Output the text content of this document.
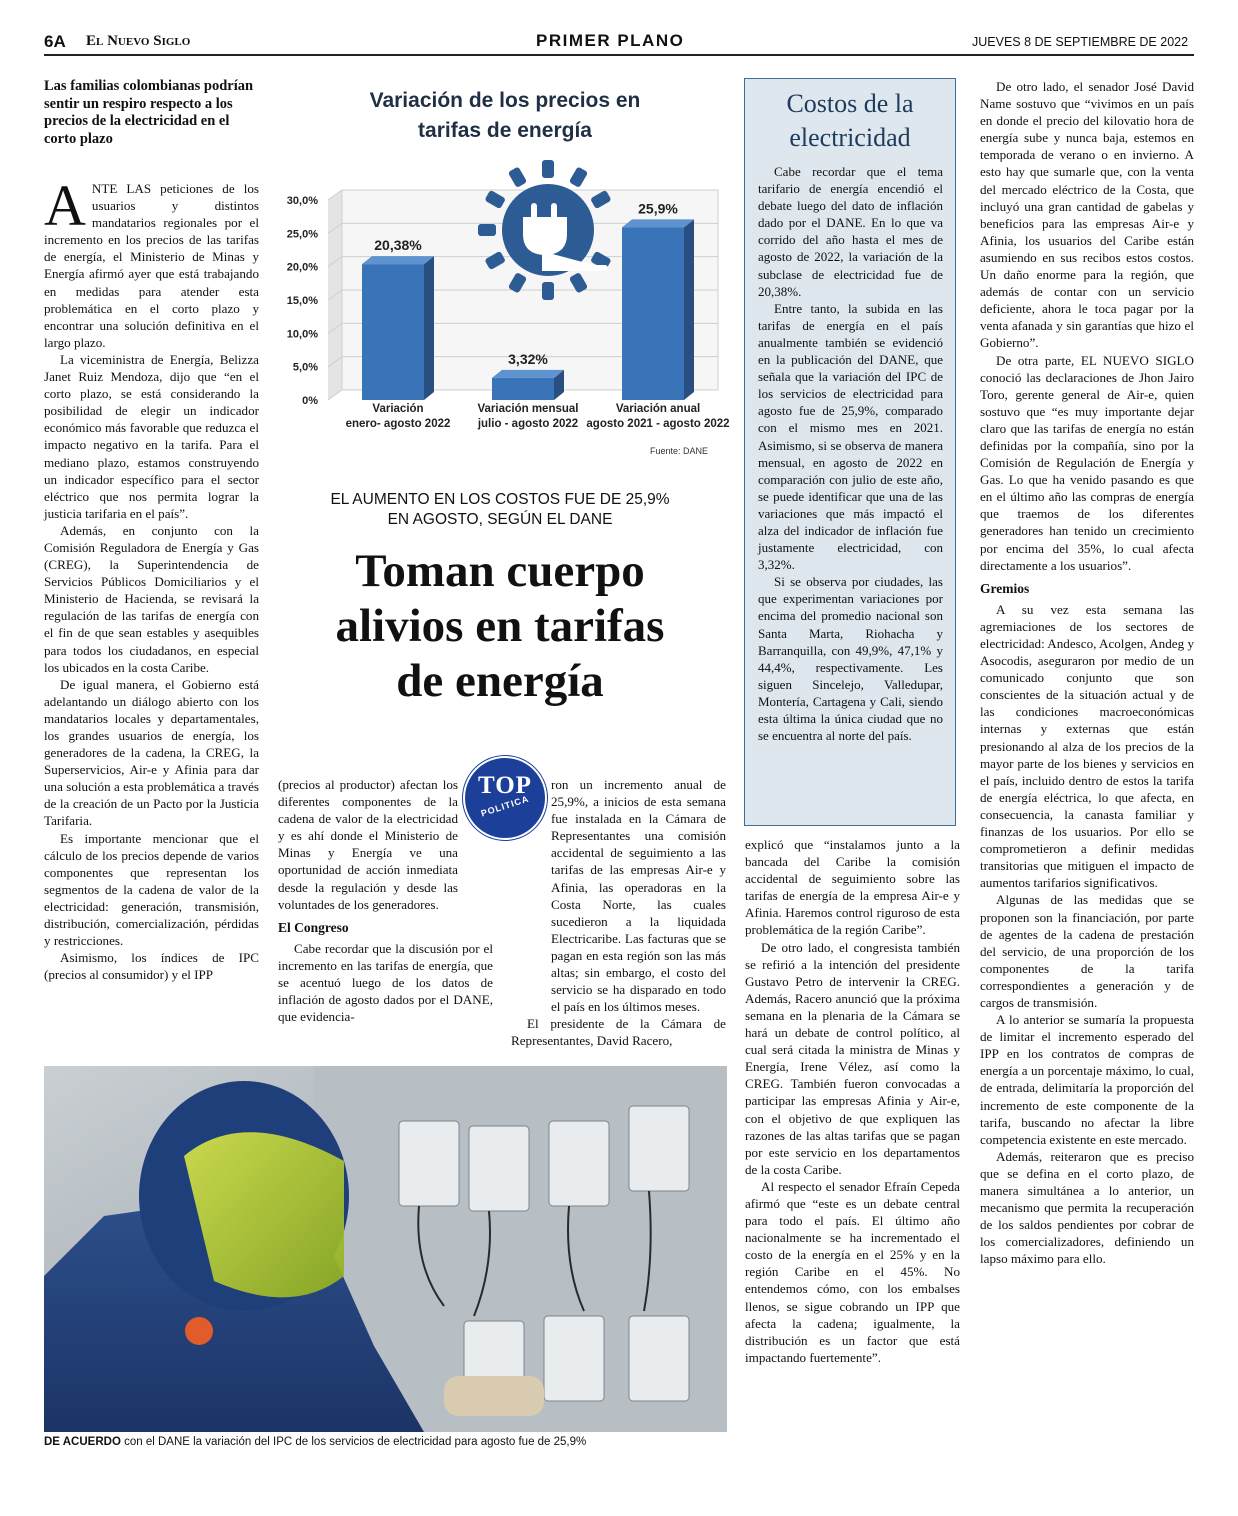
6A El Nuevo Siglo	PRIMER PLANO	JUEVES 8 DE SEPTIEMBRE DE 2022
Las familias colombianas podrían sentir un respiro respecto a los precios de la electricidad en el corto plazo

ANTE LAS peticiones de los usuarios y distintos mandatarios regionales por el incremento en los precios de las tarifas de energía, el Ministerio de Minas y Energía afirmó ayer que está trabajando en medidas para atender esta problemática en el corto plazo y encontrar una solución definitiva en el largo plazo.

La viceministra de Energía, Belizza Janet Ruiz Mendoza, dijo que “en el corto plazo, se está considerando la posibilidad de elegir un indicador económico más favorable que reduzca el impacto negativo en la tarifa. Para el mediano plazo, estamos construyendo un indicador específico para el sector eléctrico que nos permita lograr la justicia tarifaria en el país”.

Además, en conjunto con la Comisión Reguladora de Energía y Gas (CREG), la Superintendencia de Servicios Públicos Domiciliarios y el Ministerio de Hacienda, se revisará la regulación de las tarifas de energía con el fin de que sean estables y asequibles para todos los ciudadanos, en especial los ubicados en la costa Caribe.

De igual manera, el Gobierno está adelantando un diálogo abierto con los mandatarios locales y departamentales, los grandes usuarios de energía, los generadores de la cadena, la CREG, la Superservicios, Air-e y Afinia para dar una solución a esta problemática a través de la creación de un Pacto por la Justicia Tarifaria.

Es importante mencionar que el cálculo de los precios depende de varios componentes que representan los segmentos de la cadena de valor de la electricidad: generación, transmisión, distribución, comercialización, pérdidas y restricciones.

Asimismo, los índices de IPC (precios al consumidor) y el IPP

Variación de los precios en tarifas de energía
0%
5,0%
10,0%
15,0%
20,0%
25,0%
30,0%
20,38%
Variación
enero- agosto 2022
3,32%
Variación mensual
julio - agosto 2022
25,9%
Variación anual
agosto 2021 - agosto 2022
Fuente: DANE
EL AUMENTO EN LOS COSTOS FUE DE 25,9%
EN AGOSTO, SEGÚN EL DANE
Toman cuerpo
alivios en tarifas
de energía
TOP
POLITICA

(precios al productor) afectan los diferentes componentes de la cadena de valor de la electricidad y es ahí donde el Ministerio de Minas y Energía ve una oportunidad de acción inmediata desde la regulación y desde las voluntades de los generadores.

El Congreso

Cabe recordar que la discusión por el incremento en las tarifas de energía, que se acentuó luego de los datos de inflación de agosto dados por el DANE, que evidencia-

ron un incremento anual de 25,9%, a inicios de esta semana fue instalada en la Cámara de Representantes una comisión accidental de seguimiento a las tarifas de las empresas Air-e y Afinia, las operadoras en la Costa Norte, las cuales sucedieron a la liquidada Electricaribe. Las facturas que se pagan en esta región son las más altas; sin embargo, el costo del servicio se ha disparado en todo el país en los últimos meses.

El presidente de la Cámara de Representantes, David Racero,

Costos de la
electricidad

Cabe recordar que el tema tarifario de energía encendió el debate luego del dato de inflación dado por el DANE. En lo que va corrido del año hasta el mes de agosto de 2022, la variación de la subclase de electricidad fue de 20,38%.

Entre tanto, la subida en las tarifas de energía en el país anualmente también se evidenció en la publicación del DANE, que señala que la variación del IPC de los servicios de electricidad para agosto fue de 25,9%, comparado con el mismo mes en 2021. Asimismo, si se observa de manera mensual, en agosto de 2022 en comparación con julio de este año, se puede identificar que una de las variaciones que más impactó el alza del indicador de inflación fue justamente electricidad, con 3,32%.

Si se observa por ciudades, las que experimentan variaciones por encima del promedio nacional son Santa Marta, Riohacha y Barranquilla, con 49,9%, 47,1% y 44,4%, respectivamente. Les siguen Sincelejo, Valledupar, Montería, Cartagena y Cali, siendo esta última la única ciudad que no se encuentra al norte del país.

explicó que “instalamos junto a la bancada del Caribe la comisión accidental de seguimiento sobre las tarifas de energía de la empresa Air-e y Afinia. Haremos control riguroso de esta problemática de la región Caribe”.

De otro lado, el congresista también se refirió a la intención del presidente Gustavo Petro de intervenir la CREG. Además, Racero anunció que la próxima semana en la plenaria de la Cámara se hará un debate de control político, al cual será citada la ministra de Minas y Energía, Irene Vélez, así como la CREG. También fueron convocadas a participar las empresas Afinia y Air-e, con el objetivo de que expliquen las razones de las altas tarifas que se pagan por este servicio en los departamentos de la costa Caribe.

Al respecto el senador Efraín Cepeda afirmó que “este es un debate central para todo el país. El último año nacionalmente se ha incrementado el costo de la energía en el 25% y en la región Caribe en el 45%. No entendemos cómo, con los embalses llenos, se sigue cobrando un IPP que afecta la cadena; igualmente, la distribución es un factor que está impactando fuertemente”.

De otro lado, el senador José David Name sostuvo que “vivimos en un país en donde el precio del kilovatio hora de energía sube y nunca baja, estemos en temporada de verano o en invierno. A esto hay que sumarle que, con la venta del mercado eléctrico de la Costa, que incluyó una gran cantidad de gabelas y beneficios para las empresas Air-e y Afinia, los usuarios del Caribe están asumiendo en sus recibos estos costos. Un daño enorme para la región, que además de contar con un servicio deficiente, ahora le toca pagar por la venta afanada y sin garantías que hizo el Gobierno”.

De otra parte, EL NUEVO SIGLO conoció las declaraciones de Jhon Jairo Toro, gerente general de Air-e, quien sostuvo que “es muy importante dejar claro que las tarifas de energía no están definidas por la compañía, sino por la Comisión de Regulación de Energía y Gas. Lo que ha venido pasando es que en el último año las compras de energía que traemos de los diferentes generadores han tenido un crecimiento por encima del 35%, lo cual afecta directamente a los usuarios”.

Gremios

A su vez esta semana las agremiaciones de los sectores de electricidad: Andesco, Acolgen, Andeg y Asocodis, aseguraron por medio de un comunicado conjunto que son conscientes de la situación actual y de las condiciones macroeconómicas internas y externas que están presionando al alza de los precios de la mayor parte de los bienes y servicios en el país, incluido dentro de estos la tarifa de energía eléctrica, lo que afecta, en consecuencia, la canasta familiar y finanzas de los usuarios. Por ello se comprometieron a definir medidas transitorias que mitiguen el impacto de aumentos tarifarios significativos.

Algunas de las medidas que se proponen son la financiación, por parte de agentes de la cadena de prestación del servicio, de una proporción de los componentes de la tarifa correspondientes a generación y de cargos de transmisión.

A lo anterior se sumaría la propuesta de limitar el incremento esperado del IPP en los contratos de compras de energía a un porcentaje máximo, lo cual, de entrada, delimitaría la proporción del incremento de este componente de la tarifa, buscando no afectar la libre competencia existente en este mercado.

Además, reiteraron que es preciso que se defina en el corto plazo, de manera simultánea a lo anterior, un mecanismo que permita la recuperación de los saldos pendientes por cobrar de los comercializadores, definiendo un lapso máximo para ello.

DE ACUERDO con el DANE la variación del IPC de los servicios de electricidad para agosto fue de 25,9%
